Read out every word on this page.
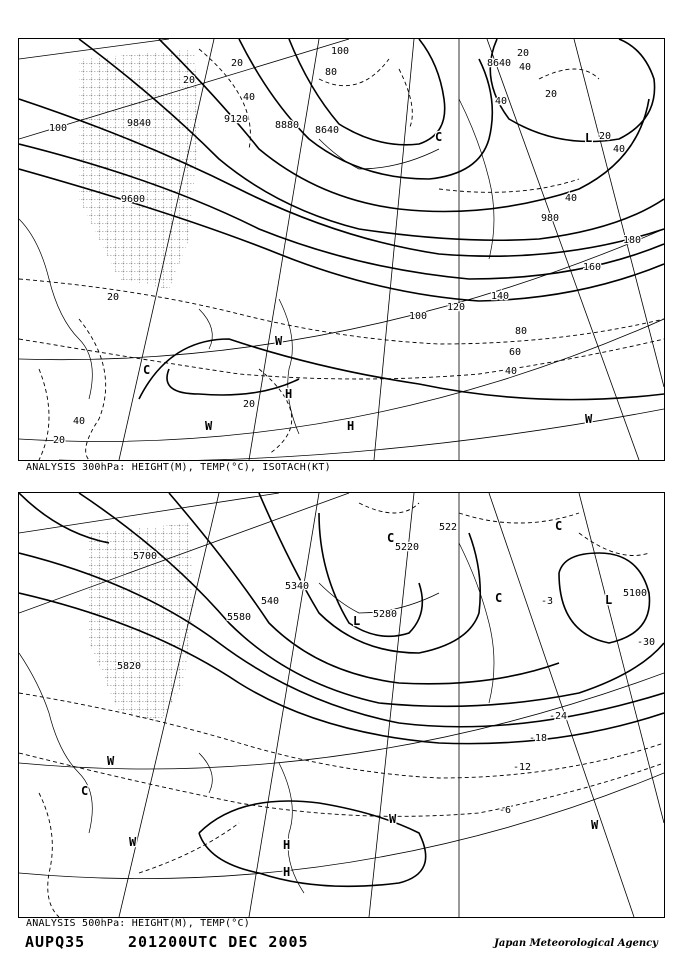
9840	9120
8880 8640
8640
9600
100
100
80
40
20
20
20
40
20
40
20
40
40
980
180
160
140
120
100
80
60
40
20
40
20
20
C
C
L
W
W	W
H
H
ANALYSIS 300hPa: HEIGHT(M), TEMP(°C), ISOTACH(KT)
5700
5820
5580
5340
5220
5280
5100
540
522
-30
-24
-18
-12
-6
-3
C
C
C
C
L
L
W
W
W	W
H
H
ANALYSIS 500hPa: HEIGHT(M), TEMP(°C)
AUPQ35	201200UTC DEC 2005	Japan Meteorological Agency
